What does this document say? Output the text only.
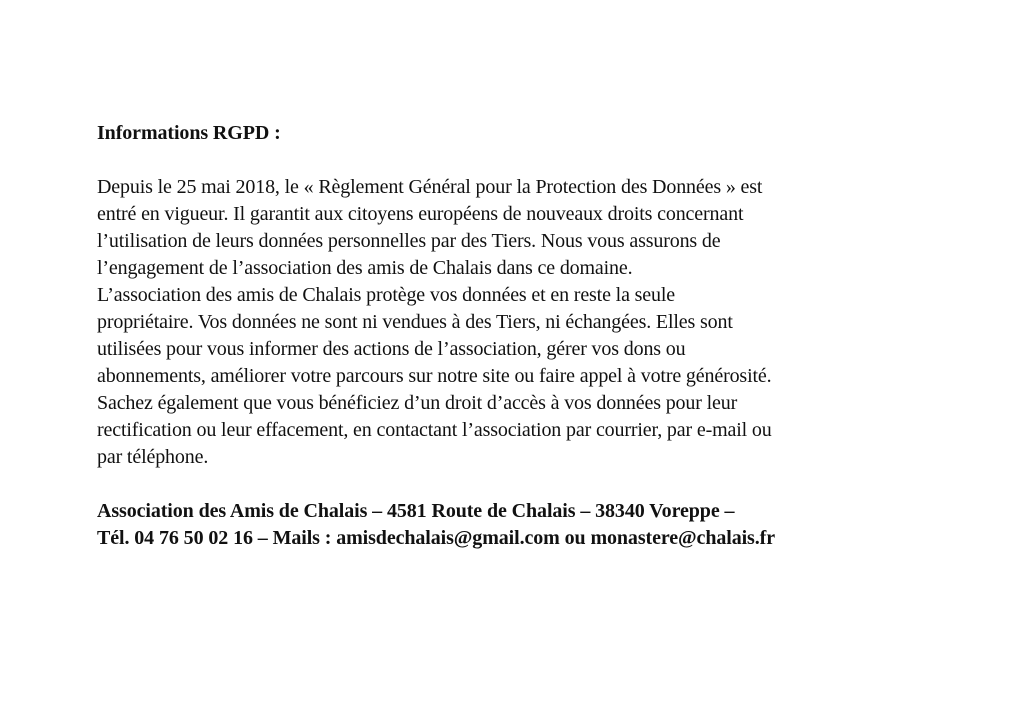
Informations RGPD :

Depuis le 25 mai 2018, le « Règlement Général pour la Protection des Données » est
entré en vigueur. Il garantit aux citoyens européens de nouveaux droits concernant
l’utilisation de leurs données personnelles par des Tiers. Nous vous assurons de
l’engagement de l’association des amis de Chalais dans ce domaine.
L’association des amis de Chalais protège vos données et en reste la seule
propriétaire. Vos données ne sont ni vendues à des Tiers, ni échangées. Elles sont
utilisées pour vous informer des actions de l’association, gérer vos dons ou
abonnements, améliorer votre parcours sur notre site ou faire appel à votre générosité.
Sachez également que vous bénéficiez d’un droit d’accès à vos données pour leur
rectification ou leur effacement, en contactant l’association par courrier, par e-mail ou
par téléphone.
Association des Amis de Chalais – 4581 Route de Chalais – 38340 Voreppe –
Tél. 04 76 50 02 16 – Mails : amisdechalais@gmail.com ou monastere@chalais.fr
